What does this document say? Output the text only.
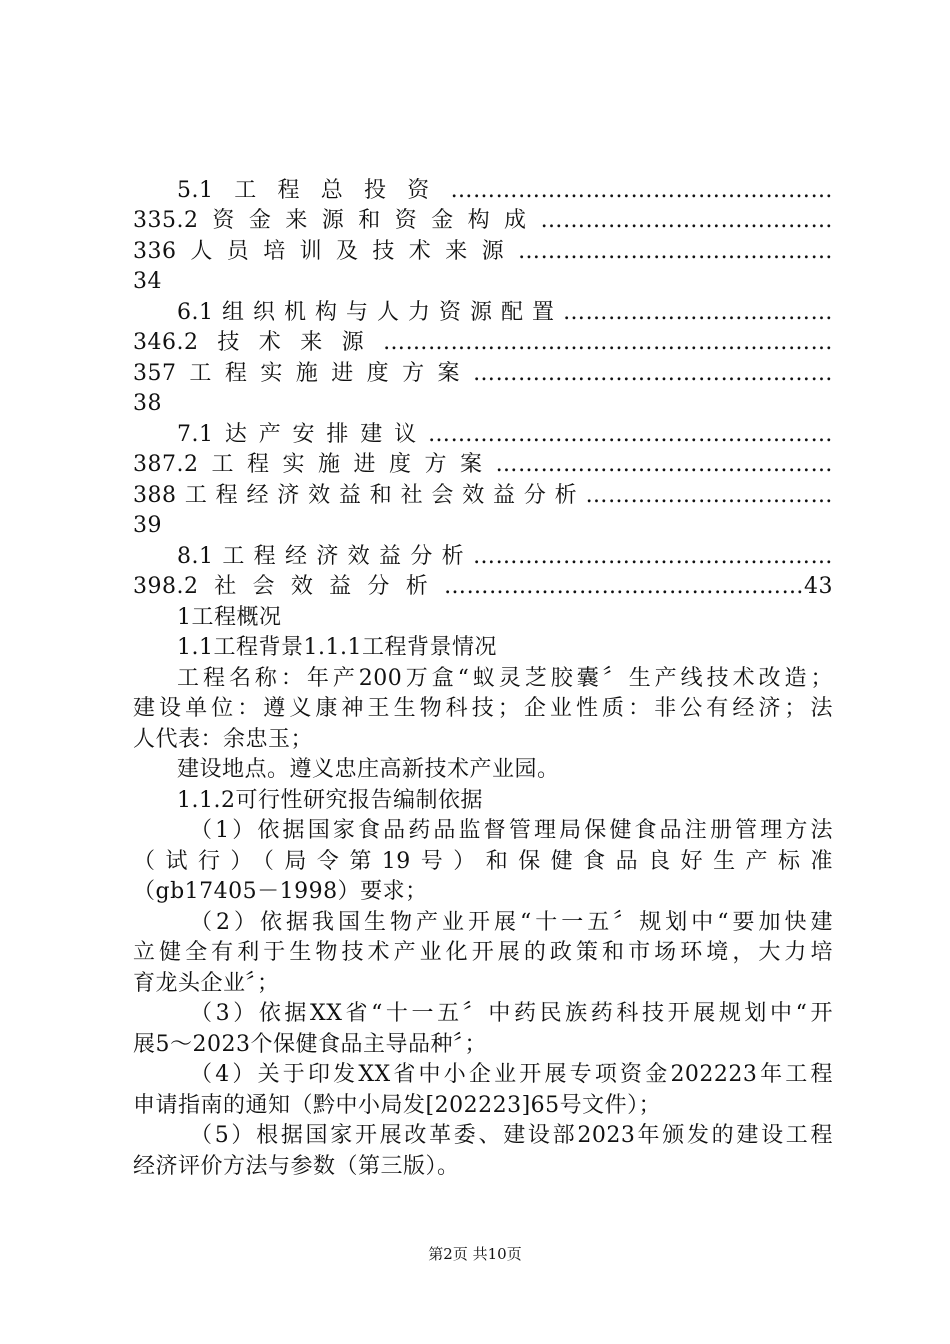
5.1工程总投资……………………………………………
335.2资金来源和资金构成…………………………………
336人员培训及技术来源……………………………………
34
6.1组织机构与人力资源配置………………………………
346.2技术来源……………………………………………………
357工程实施进度方案…………………………………………
38
7.1达产安排建议………………………………………………
387.2工程实施进度方案………………………………………
388工程经济效益和社会效益分析……………………………
39
8.1工程经济效益分析…………………………………………
398.2社会效益分析…………………………………………43
1工程概况
1.1工程背景1.1.1工程背景情况
工程名称：年产200万盒“蚁灵芝胶囊〞生产线技术改造；
建设单位：遵义康神王生物科技；企业性质：非公有经济；法
人代表：余忠玉；
建设地点。遵义忠庄高新技术产业园。
1.1.2可行性研究报告编制依据
（1）依据国家食品药品监督管理局保健食品注册管理方法
（试行）（局令第19号）和保健食品良好生产标准
（gb17405－1998）要求；
（2）依据我国生物产业开展“十一五〞规划中“要加快建
立健全有利于生物技术产业化开展的政策和市场环境，大力培
育龙头企业〞；
（3）依据XX省“十一五〞中药民族药科技开展规划中“开
展5～2023个保健食品主导品种〞；
（4）关于印发XX省中小企业开展专项资金202223年工程
申请指南的通知（黔中小局发[202223]65号文件）；
（5）根据国家开展改革委、建设部2023年颁发的建设工程
经济评价方法与参数（第三版）。
第2页 共10页
